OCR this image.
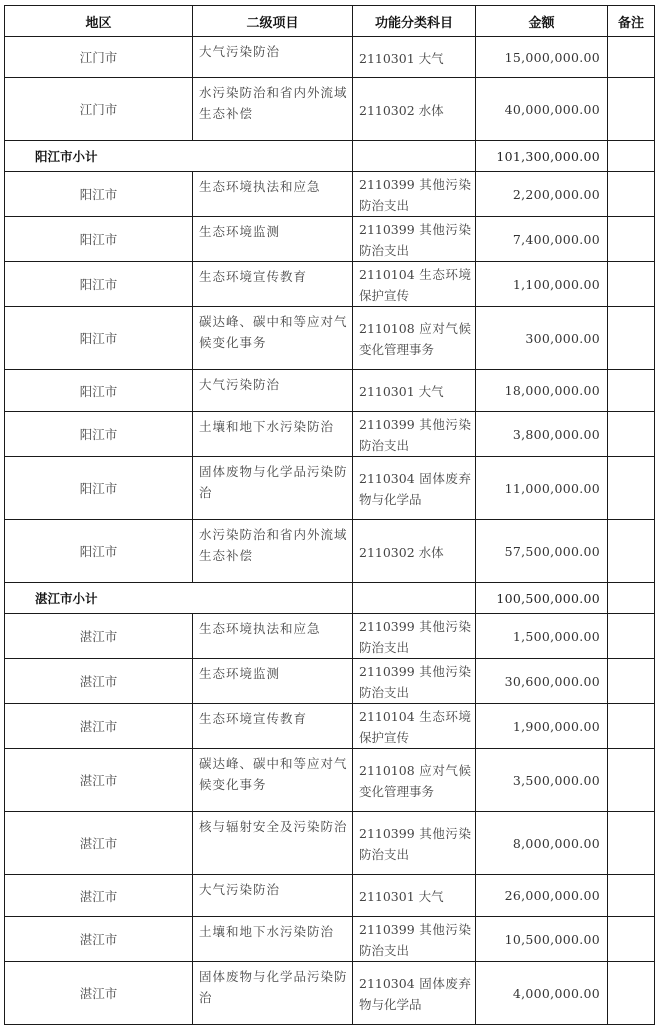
地区	二级项目	功能分类科目	金额	备注
江门市	大气污染防治	2110301 大气	15,000,000.00	
江门市	水污染防治和省内外流域生态补偿	2110302 水体	40,000,000.00	
阳江市小计			101,300,000.00	
阳江市	生态环境执法和应急	2110399 其他污染防治支出	2,200,000.00	
阳江市	生态环境监测	2110399 其他污染防治支出	7,400,000.00	
阳江市	生态环境宣传教育	2110104 生态环境保护宣传	1,100,000.00	
阳江市	碳达峰、碳中和等应对气候变化事务	2110108 应对气候变化管理事务	300,000.00	
阳江市	大气污染防治	2110301 大气	18,000,000.00	
阳江市	土壤和地下水污染防治	2110399 其他污染防治支出	3,800,000.00	
阳江市	固体废物与化学品污染防治	2110304 固体废弃物与化学品	11,000,000.00	
阳江市	水污染防治和省内外流域生态补偿	2110302 水体	57,500,000.00	
湛江市小计			100,500,000.00	
湛江市	生态环境执法和应急	2110399 其他污染防治支出	1,500,000.00	
湛江市	生态环境监测	2110399 其他污染防治支出	30,600,000.00	
湛江市	生态环境宣传教育	2110104 生态环境保护宣传	1,900,000.00	
湛江市	碳达峰、碳中和等应对气候变化事务	2110108 应对气候变化管理事务	3,500,000.00	
湛江市	核与辐射安全及污染防治	2110399 其他污染防治支出	8,000,000.00	
湛江市	大气污染防治	2110301 大气	26,000,000.00	
湛江市	土壤和地下水污染防治	2110399 其他污染防治支出	10,500,000.00	
湛江市	固体废物与化学品污染防治	2110304 固体废弃物与化学品	4,000,000.00	
